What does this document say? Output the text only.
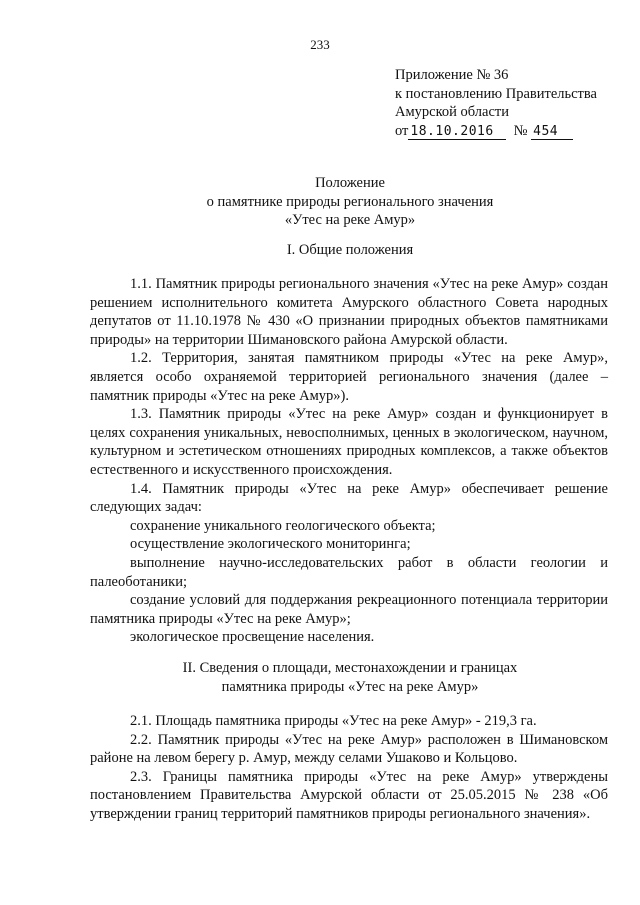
233
Приложение № 36
к постановлению Правительства
Амурской области
от 18.10.2016 № 454
Положение
о памятнике природы регионального значения
«Утес на реке Амур»
I. Общие положения

1.1. Памятник природы регионального значения «Утес на реке Амур» создан решением исполнительного комитета Амурского областного Совета народных депутатов от 11.10.1978 № 430 «О признании природных объектов памятниками природы» на территории Шимановского района Амурской области.

1.2. Территория, занятая памятником природы «Утес на реке Амур», является особо охраняемой территорией регионального значения (далее – памятник природы «Утес на реке Амур»).

1.3. Памятник природы «Утес на реке Амур» создан и функционирует в целях сохранения уникальных, невосполнимых, ценных в экологическом, научном, культурном и эстетическом отношениях природных комплексов, а также объектов естественного и искусственного происхождения.

1.4. Памятник природы «Утес на реке Амур» обеспечивает решение следующих задач:

сохранение уникального геологического объекта;

осуществление экологического мониторинга;

выполнение научно-исследовательских работ в области геологии и палеоботаники;

создание условий для поддержания рекреационного потенциала территории памятника природы «Утес на реке Амур»;

экологическое просвещение населения.

II. Сведения о площади, местонахождении и границах
памятника природы «Утес на реке Амур»

2.1. Площадь памятника природы «Утес на реке Амур» - 219,3 га.

2.2. Памятник природы «Утес на реке Амур» расположен в Шимановском районе на левом берегу р. Амур, между селами Ушаково и Кольцово.

2.3. Границы памятника природы «Утес на реке Амур» утверждены постановлением Правительства Амурской области от 25.05.2015 № 238 «Об утверждении границ территорий памятников природы регионального значения».
